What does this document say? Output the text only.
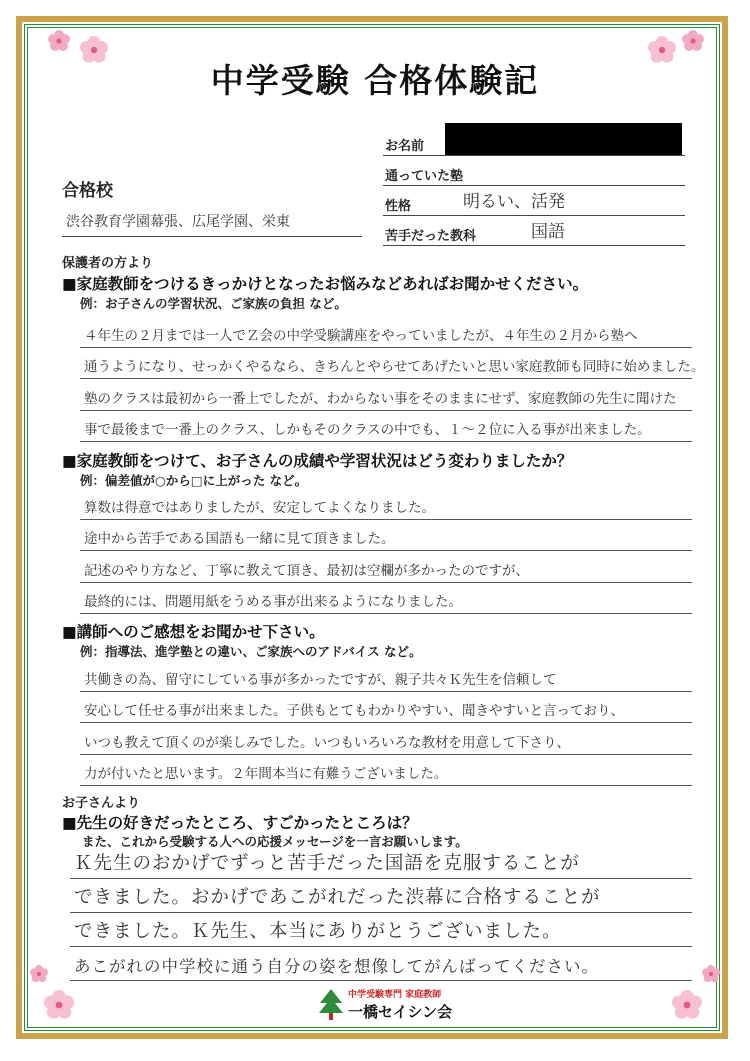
中学受験 合格体験記
お名前
通っていた塾
性格	明るい、活発
苦手だった教科	国語
合格校
渋谷教育学園幕張、広尾学園、栄東
保護者の方より
■家庭教師をつけるきっかけとなったお悩みなどあればお聞かせください。
例：お子さんの学習状況、ご家族の負担 など。
４年生の２月までは一人でＺ会の中学受験講座をやっていましたが、４年生の２月から塾へ
通うようになり、せっかくやるなら、きちんとやらせてあげたいと思い家庭教師も同時に始めました。
塾のクラスは最初から一番上でしたが、わからない事をそのままにせず、家庭教師の先生に聞けた
事で最後まで一番上のクラス、しかもそのクラスの中でも、１〜２位に入る事が出来ました。
■家庭教師をつけて、お子さんの成績や学習状況はどう変わりましたか？
例：偏差値が○から□に上がった など。
算数は得意ではありましたが、安定してよくなりました。
途中から苦手である国語も一緒に見て頂きました。
記述のやり方など、丁寧に教えて頂き、最初は空欄が多かったのですが、
最終的には、問題用紙をうめる事が出来るようになりました。
■講師へのご感想をお聞かせ下さい。
例：指導法、進学塾との違い、ご家族へのアドバイス など。
共働きの為、留守にしている事が多かったですが、親子共々Ｋ先生を信頼して
安心して任せる事が出来ました。子供もとてもわかりやすい、聞きやすいと言っており、
いつも教えて頂くのが楽しみでした。いつもいろいろな教材を用意して下さり、
力が付いたと思います。２年間本当に有難うございました。
お子さんより
■先生の好きだったところ、すごかったところは？
また、これから受験する人への応援メッセージを一言お願いします。
Ｋ先生のおかげでずっと苦手だった国語を克服することが
できました。おかげであこがれだった渋幕に合格することが
できました。Ｋ先生、本当にありがとうございました。
あこがれの中学校に通う自分の姿を想像してがんばってください。
中学受験専門 家庭教師
一橋セイシン会
